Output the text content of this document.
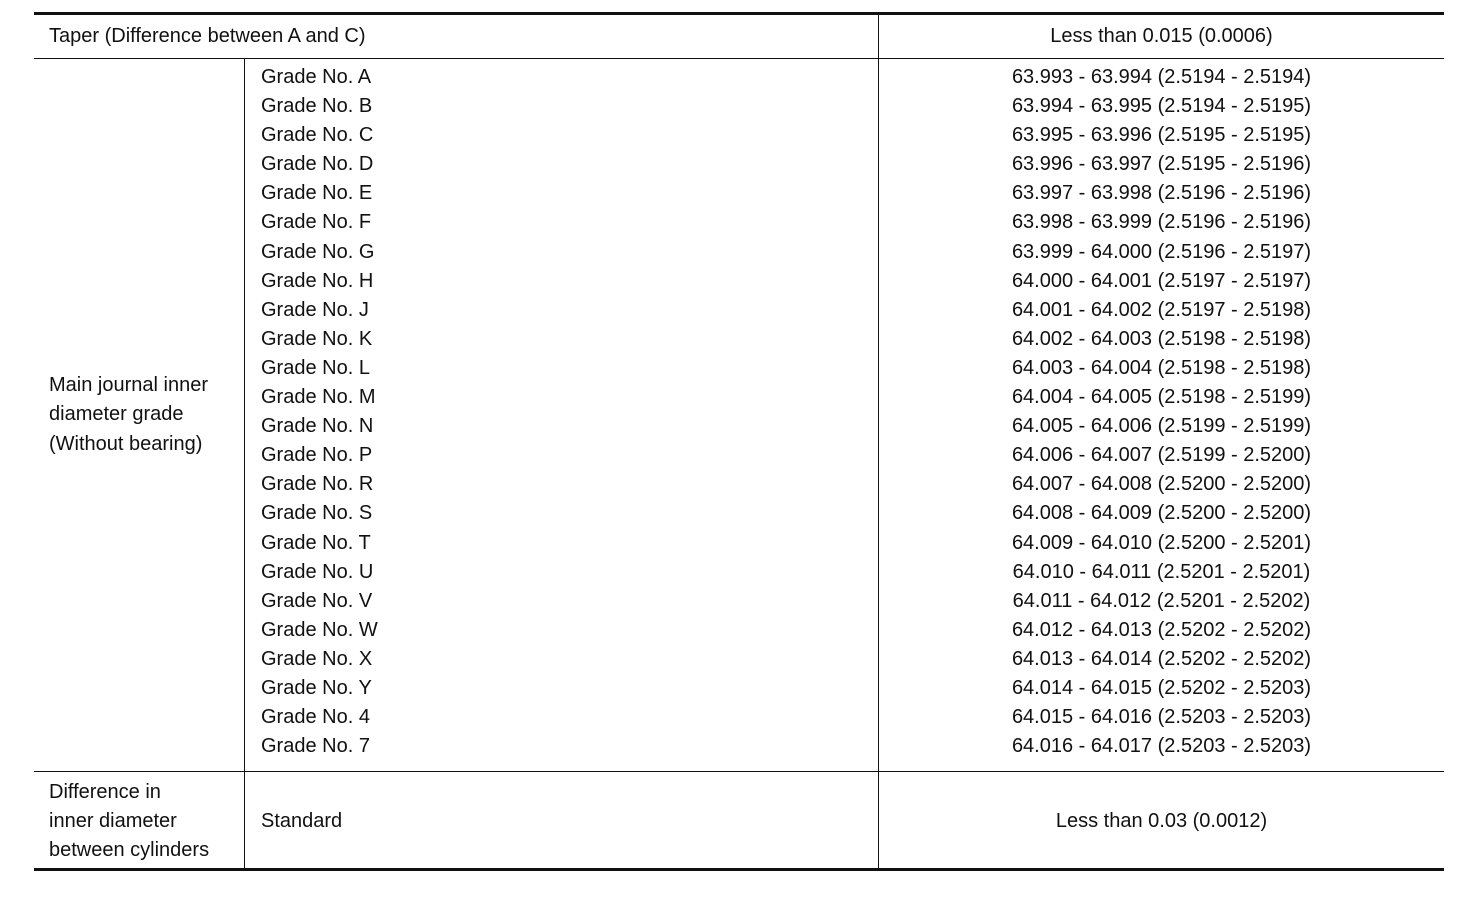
Taper (Difference between A and C)	Less than 0.015 (0.0006)
Main journal inner
diameter grade
(Without bearing)
Grade No. A
Grade No. B
Grade No. C
Grade No. D
Grade No. E
Grade No. F
Grade No. G
Grade No. H
Grade No. J
Grade No. K
Grade No. L
Grade No. M
Grade No. N
Grade No. P
Grade No. R
Grade No. S
Grade No. T
Grade No. U
Grade No. V
Grade No. W
Grade No. X
Grade No. Y
Grade No. 4
Grade No. 7
63.993 - 63.994 (2.5194 - 2.5194)
63.994 - 63.995 (2.5194 - 2.5195)
63.995 - 63.996 (2.5195 - 2.5195)
63.996 - 63.997 (2.5195 - 2.5196)
63.997 - 63.998 (2.5196 - 2.5196)
63.998 - 63.999 (2.5196 - 2.5196)
63.999 - 64.000 (2.5196 - 2.5197)
64.000 - 64.001 (2.5197 - 2.5197)
64.001 - 64.002 (2.5197 - 2.5198)
64.002 - 64.003 (2.5198 - 2.5198)
64.003 - 64.004 (2.5198 - 2.5198)
64.004 - 64.005 (2.5198 - 2.5199)
64.005 - 64.006 (2.5199 - 2.5199)
64.006 - 64.007 (2.5199 - 2.5200)
64.007 - 64.008 (2.5200 - 2.5200)
64.008 - 64.009 (2.5200 - 2.5200)
64.009 - 64.010 (2.5200 - 2.5201)
64.010 - 64.011 (2.5201 - 2.5201)
64.011 - 64.012 (2.5201 - 2.5202)
64.012 - 64.013 (2.5202 - 2.5202)
64.013 - 64.014 (2.5202 - 2.5202)
64.014 - 64.015 (2.5202 - 2.5203)
64.015 - 64.016 (2.5203 - 2.5203)
64.016 - 64.017 (2.5203 - 2.5203)
Difference in
inner diameter
between cylinders
Standard	Less than 0.03 (0.0012)
